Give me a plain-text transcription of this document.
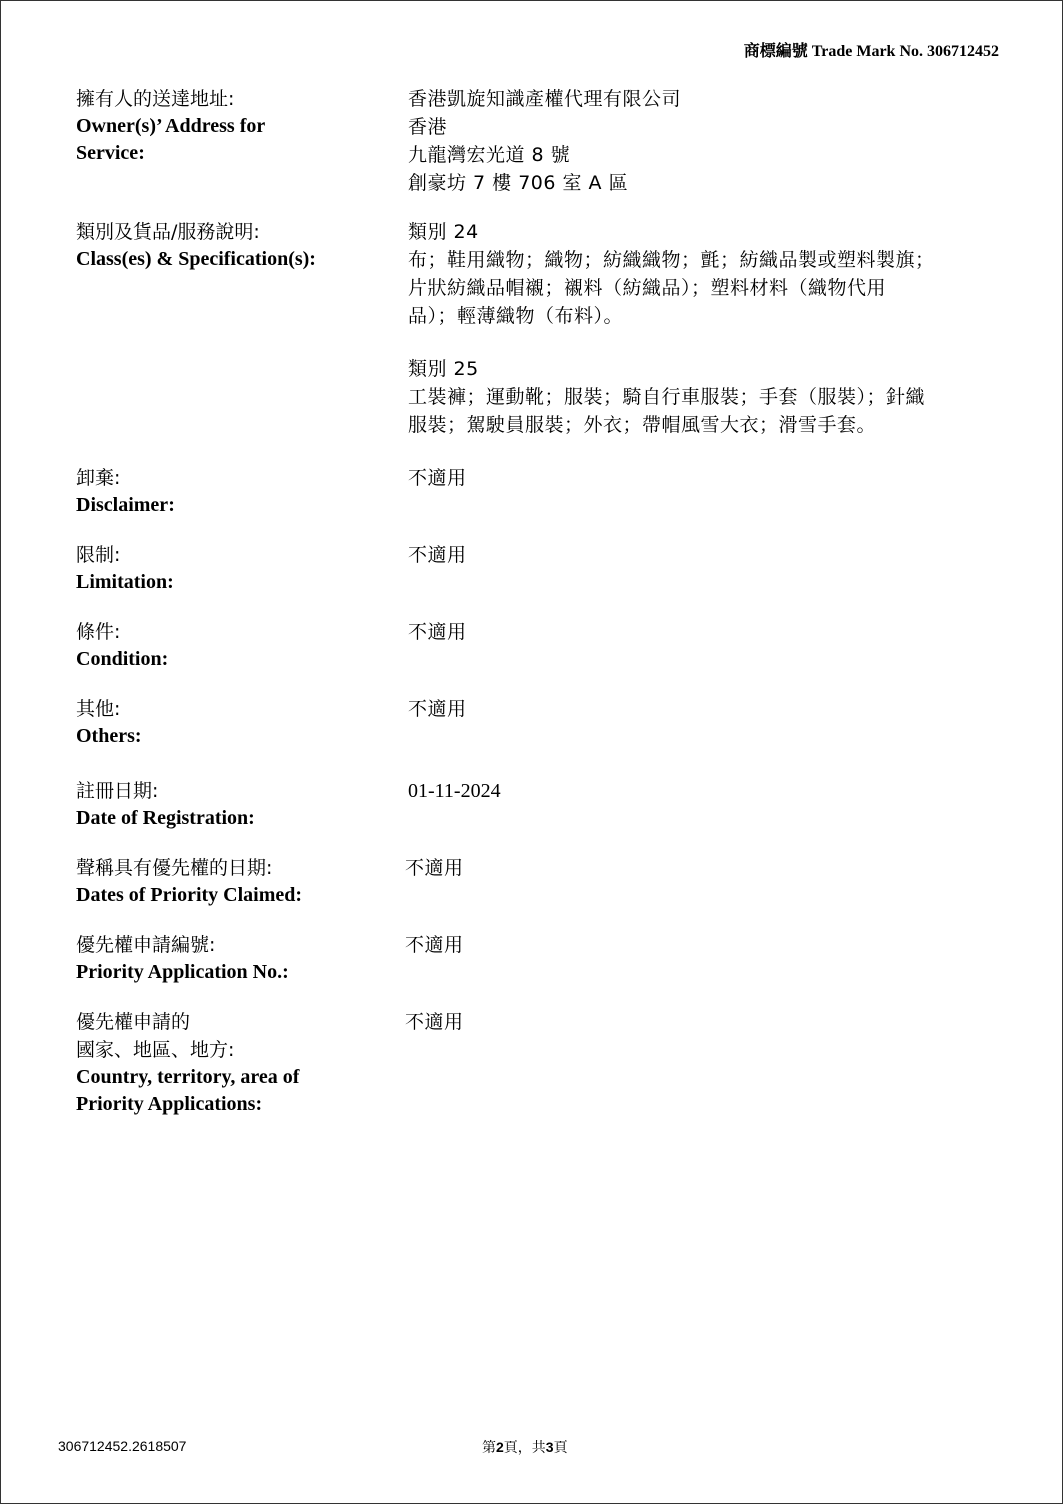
商標編號 Trade Mark No. 306712452
擁有人的送達地址:
Owner(s)’ Address for
Service:
香港凱旋知識產權代理有限公司
香港
九龍灣宏光道 8 號
創豪坊 7 樓 706 室 A 區
類別及貨品/服務說明:
Class(es) & Specification(s):
類別 24
布；鞋用織物；織物；紡織織物；氈；紡織品製或塑料製旗；
片狀紡織品帽襯；襯料（紡織品）；塑料材料（織物代用
品）；輕薄織物（布料）。
類別 25
工裝褲；運動靴；服裝；騎自行車服裝；手套（服裝）；針織
服裝；駕駛員服裝；外衣；帶帽風雪大衣；滑雪手套。
卸棄:
Disclaimer:
不適用
限制:
Limitation:
不適用
條件:
Condition:
不適用
其他:
Others:
不適用
註冊日期:
Date of Registration:
01-11-2024
聲稱具有優先權的日期:
Dates of Priority Claimed:
不適用
優先權申請編號:
Priority Application No.:
不適用
優先權申請的
國家、地區、地方:
Country, territory, area of
Priority Applications:
不適用
306712452.2618507	第2頁，共3頁
